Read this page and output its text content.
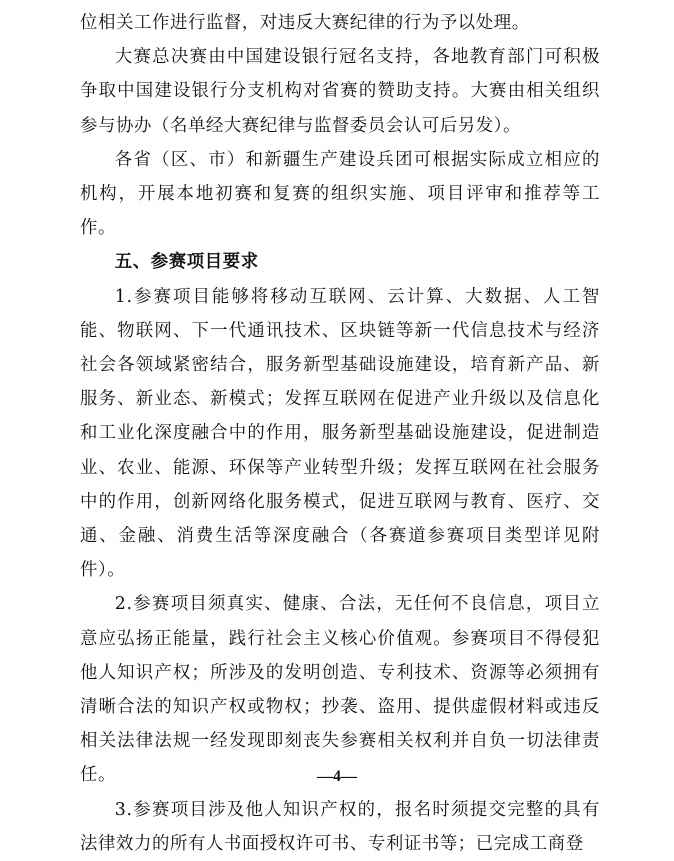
位相关工作进行监督，对违反大赛纪律的行为予以处理。

大赛总决赛由中国建设银行冠名支持，各地教育部门可积极争取中国建设银行分支机构对省赛的赞助支持。大赛由相关组织参与协办（名单经大赛纪律与监督委员会认可后另发）。

各省（区、市）和新疆生产建设兵团可根据实际成立相应的机构，开展本地初赛和复赛的组织实施、项目评审和推荐等工作。

五、参赛项目要求

1.参赛项目能够将移动互联网、云计算、大数据、人工智能、物联网、下一代通讯技术、区块链等新一代信息技术与经济社会各领域紧密结合，服务新型基础设施建设，培育新产品、新服务、新业态、新模式；发挥互联网在促进产业升级以及信息化和工业化深度融合中的作用，服务新型基础设施建设，促进制造业、农业、能源、环保等产业转型升级；发挥互联网在社会服务中的作用，创新网络化服务模式，促进互联网与教育、医疗、交通、金融、消费生活等深度融合（各赛道参赛项目类型详见附件）。

2.参赛项目须真实、健康、合法，无任何不良信息，项目立意应弘扬正能量，践行社会主义核心价值观。参赛项目不得侵犯他人知识产权；所涉及的发明创造、专利技术、资源等必须拥有清晰合法的知识产权或物权；抄袭、盗用、提供虚假材料或违反相关法律法规一经发现即刻丧失参赛相关权利并自负一切法律责任。

3.参赛项目涉及他人知识产权的，报名时须提交完整的具有法律效力的所有人书面授权许可书、专利证书等；已完成工商登

—4—
